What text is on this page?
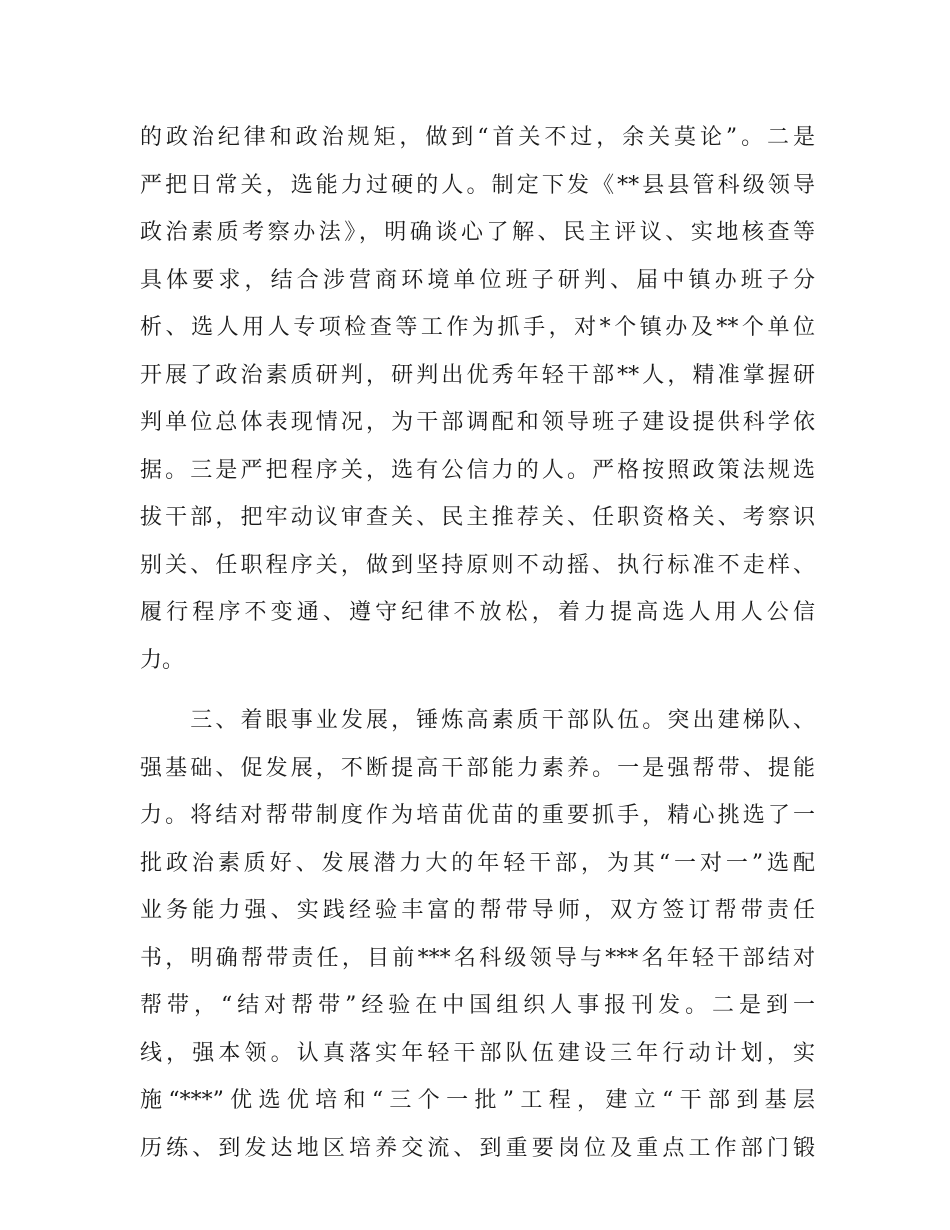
的政治纪律和政治规矩，做到“首关不过，余关莫论”。二是
严把日常关，选能力过硬的人。制定下发《**县县管科级领导
政治素质考察办法》，明确谈心了解、民主评议、实地核查等
具体要求，结合涉营商环境单位班子研判、届中镇办班子分
析、选人用人专项检查等工作为抓手，对*个镇办及**个单位
开展了政治素质研判，研判出优秀年轻干部**人，精准掌握研
判单位总体表现情况，为干部调配和领导班子建设提供科学依
据。三是严把程序关，选有公信力的人。严格按照政策法规选
拔干部，把牢动议审查关、民主推荐关、任职资格关、考察识
别关、任职程序关，做到坚持原则不动摇、执行标准不走样、
履行程序不变通、遵守纪律不放松，着力提高选人用人公信
力。
　　三、着眼事业发展，锤炼高素质干部队伍。突出建梯队、
强基础、促发展，不断提高干部能力素养。一是强帮带、提能
力。将结对帮带制度作为培苗优苗的重要抓手，精心挑选了一
批政治素质好、发展潜力大的年轻干部，为其“一对一”选配
业务能力强、实践经验丰富的帮带导师，双方签订帮带责任
书，明确帮带责任，目前***名科级领导与***名年轻干部结对
帮带，“结对帮带”经验在中国组织人事报刊发。二是到一
线，强本领。认真落实年轻干部队伍建设三年行动计划，实
施“***”优选优培和“三个一批”工程，建立“干部到基层
历练、到发达地区培养交流、到重要岗位及重点工作部门锻
